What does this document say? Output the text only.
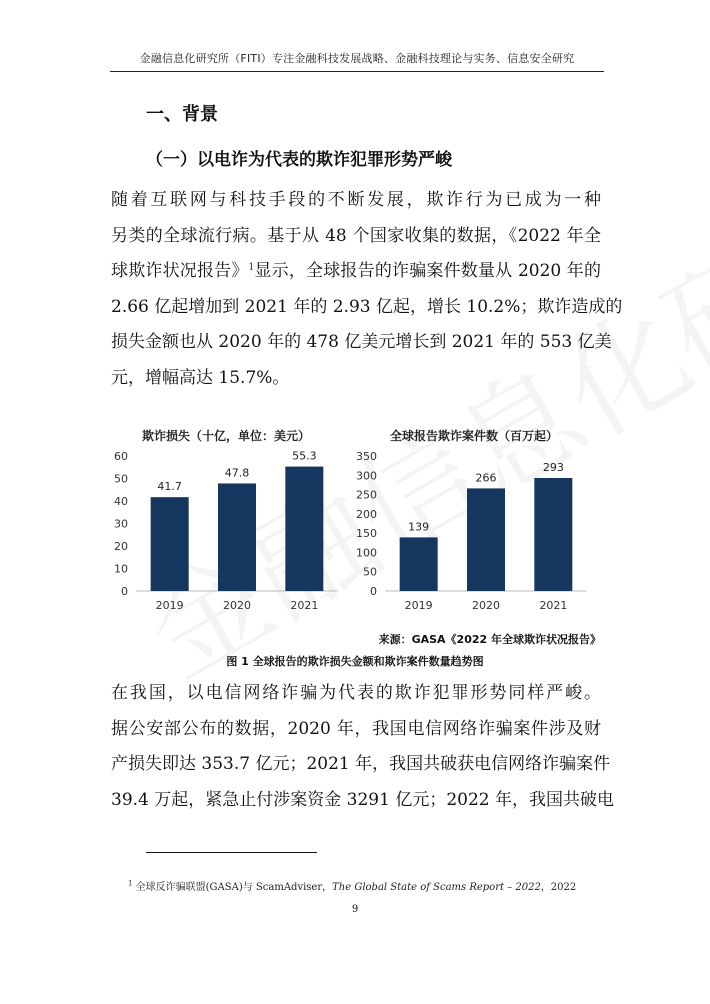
金融信息化研究所（FITI）专注金融科技发展战略、金融科技理论与实务、信息安全研究
一、背景
（一）以电诈为代表的欺诈犯罪形势严峻
随着互联网与科技手段的不断发展，欺诈行为已成为一种
另类的全球流行病。基于从 48 个国家收集的数据，《2022 年全
球欺诈状况报告》$^1$显示，全球报告的诈骗案件数量从 2020 年的
2.66 亿起增加到 2021 年的 2.93 亿起，增长 10.2%；欺诈造成的
损失金额也从 2020 年的 478 亿美元增长到 2021 年的 553 亿美
元，增幅高达 15.7%。
欺诈损失（十亿，单位：美元）
0
10
20
30
40
50
60
41.7
2019
47.8
2020
55.3
2021
全球报告欺诈案件数（百万起）
0
50
100
150
200
250
300
350
139
2019
266
2020
293
2021
来源：GASA《2022 年全球欺诈状况报告》
图 1 全球报告的欺诈损失金额和欺诈案件数量趋势图
在我国，以电信网络诈骗为代表的欺诈犯罪形势同样严峻。
据公安部公布的数据，2020 年，我国电信网络诈骗案件涉及财
产损失即达 353.7 亿元；2021 年，我国共破获电信网络诈骗案件
39.4 万起，紧急止付涉案资金 3291 亿元；2022 年，我国共破电
$^1$ 全球反诈骗联盟(GASA)与 ScamAdviser，The Global State of Scams Report – 2022，2022
9
